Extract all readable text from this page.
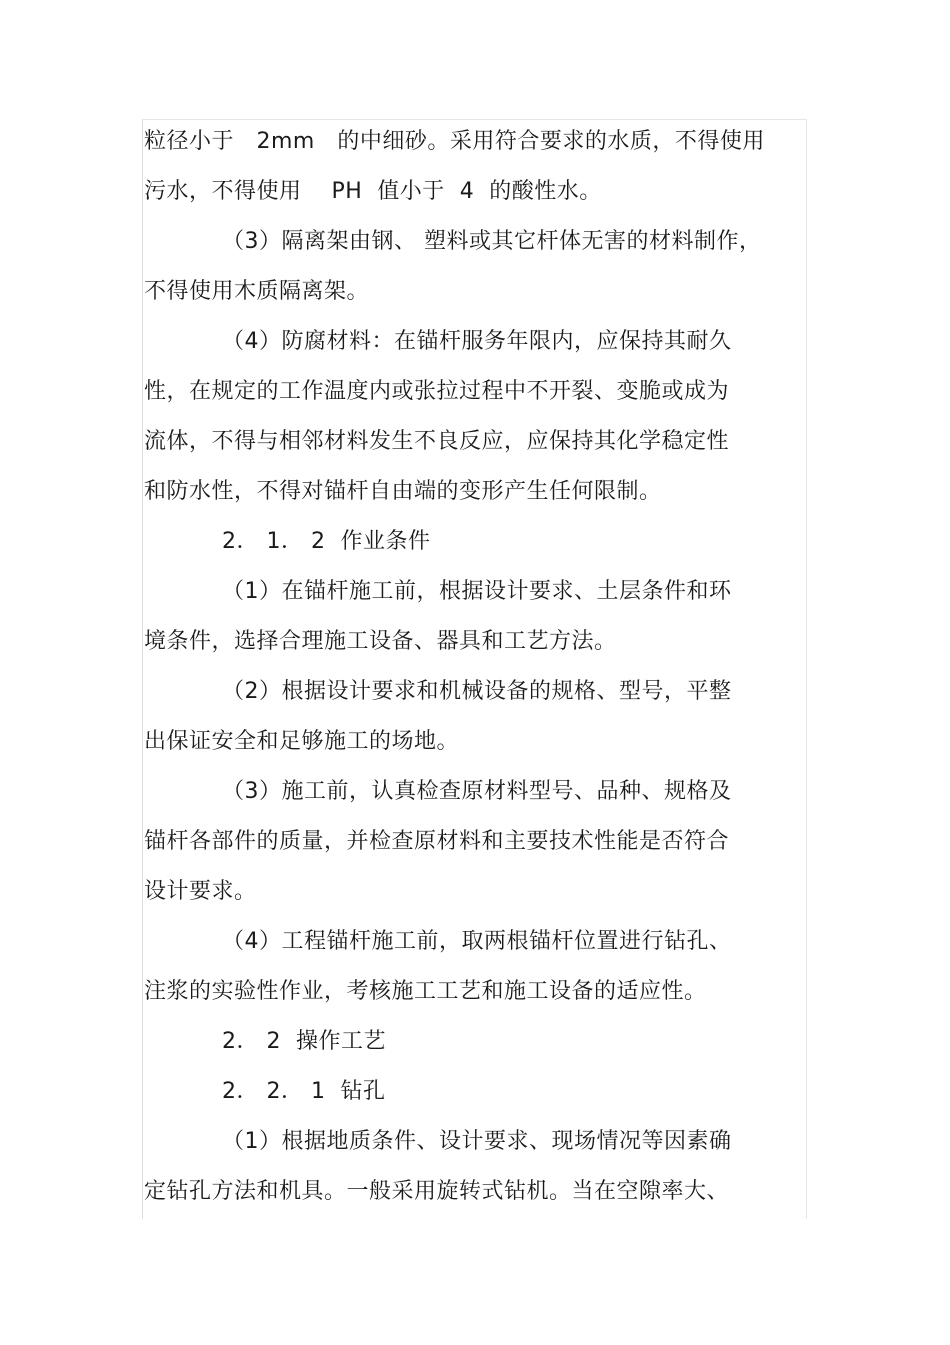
粒径小于   2mm   的中细砂。采用符合要求的水质，不得使用
污水，不得使用    PH  值小于  4  的酸性水。
（3）隔离架由钢、 塑料或其它杆体无害的材料制作，
不得使用木质隔离架。
（4）防腐材料：在锚杆服务年限内，应保持其耐久
性，在规定的工作温度内或张拉过程中不开裂、变脆或成为
流体，不得与相邻材料发生不良反应，应保持其化学稳定性
和防水性，不得对锚杆自由端的变形产生任何限制。
2． 1． 2  作业条件
（1）在锚杆施工前，根据设计要求、土层条件和环
境条件，选择合理施工设备、器具和工艺方法。
（2）根据设计要求和机械设备的规格、型号，平整
出保证安全和足够施工的场地。
（3）施工前，认真检查原材料型号、品种、规格及
锚杆各部件的质量，并检查原材料和主要技术性能是否符合
设计要求。
（4）工程锚杆施工前，取两根锚杆位置进行钻孔、
注浆的实验性作业，考核施工工艺和施工设备的适应性。
2． 2  操作工艺
2． 2． 1  钻孔
（1）根据地质条件、设计要求、现场情况等因素确
定钻孔方法和机具。一般采用旋转式钻机。当在空隙率大、
